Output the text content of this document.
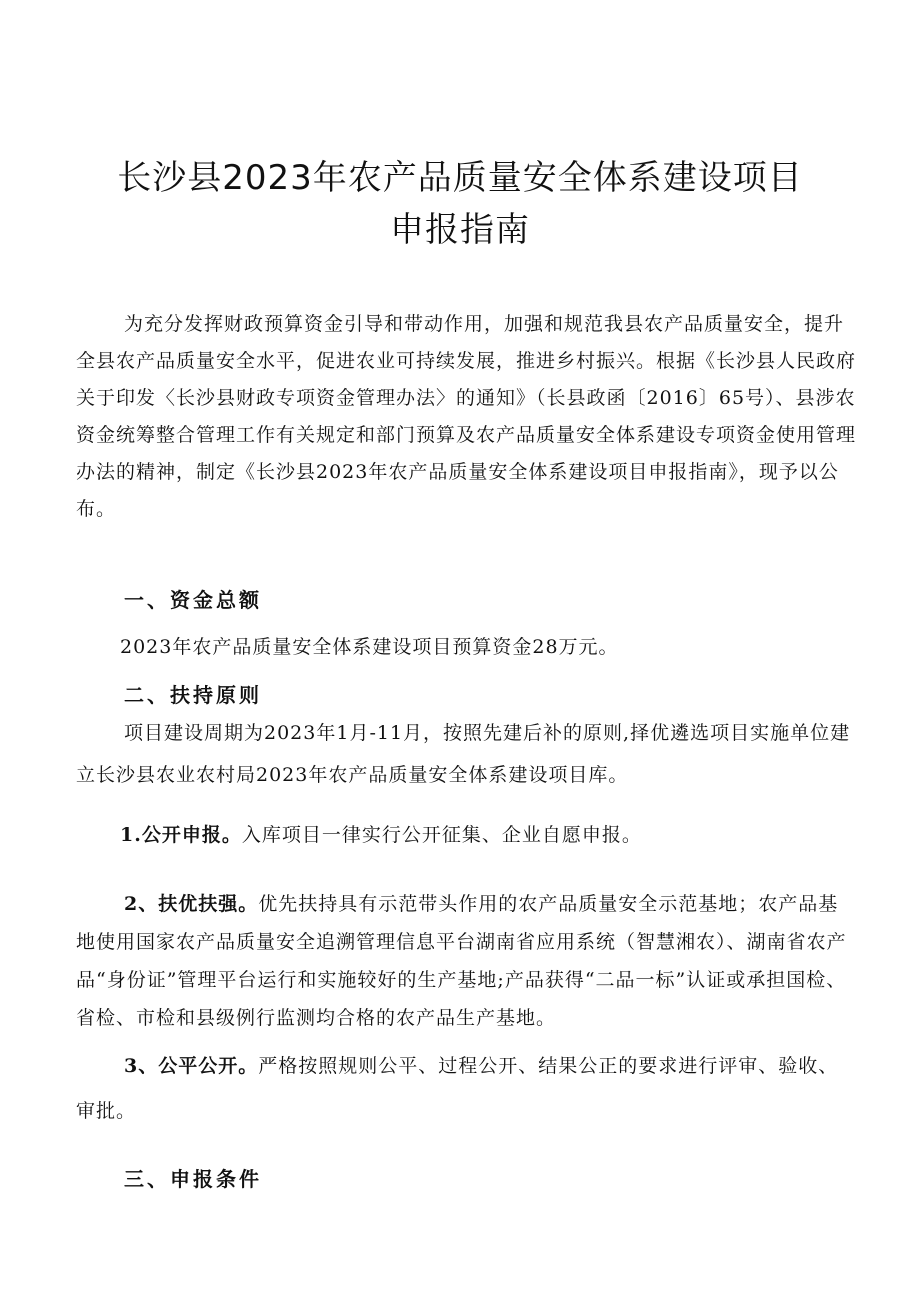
长沙县2023年农产品质量安全体系建设项目
申报指南
为充分发挥财政预算资金引导和带动作用，加强和规范我县农产品质量安全，提升全县农产品质量安全水平，促进农业可持续发展，推进乡村振兴。根据《长沙县人民政府关于印发〈长沙县财政专项资金管理办法〉的通知》（长县政函〔2016〕65号）、县涉农资金统筹整合管理工作有关规定和部门预算及农产品质量安全体系建设专项资金使用管理办法的精神，制定《长沙县2023年农产品质量安全体系建设项目申报指南》，现予以公布。
一、资金总额
2023年农产品质量安全体系建设项目预算资金28万元。
二、扶持原则
项目建设周期为2023年1月-11月，按照先建后补的原则,择优遴选项目实施单位建立长沙县农业农村局2023年农产品质量安全体系建设项目库。
1.公开申报。入库项目一律实行公开征集、企业自愿申报。
2、扶优扶强。优先扶持具有示范带头作用的农产品质量安全示范基地；农产品基地使用国家农产品质量安全追溯管理信息平台湖南省应用系统（智慧湘农）、湖南省农产品“身份证”管理平台运行和实施较好的生产基地;产品获得“二品一标”认证或承担国检、省检、市检和县级例行监测均合格的农产品生产基地。
3、公平公开。严格按照规则公平、过程公开、结果公正的要求进行评审、验收、审批。
三、申报条件
